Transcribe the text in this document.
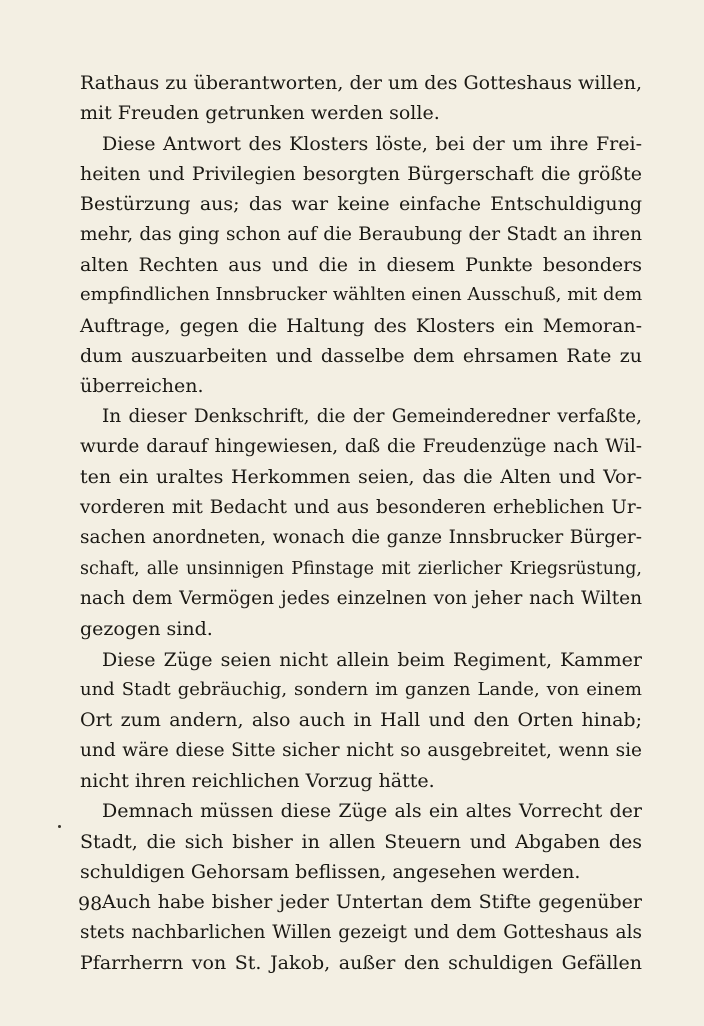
Rathaus zu überantworten, der um des Gotteshaus willen,
mit Freuden getrunken werden solle.
Diese Antwort des Klosters löste, bei der um ihre Frei-
heiten und Privilegien besorgten Bürgerschaft die größte
Bestürzung aus; das war keine einfache Entschuldigung
mehr, das ging schon auf die Beraubung der Stadt an ihren
alten Rechten aus und die in diesem Punkte besonders
empfindlichen Innsbrucker wählten einen Ausschuß, mit dem
Auftrage, gegen die Haltung des Klosters ein Memoran-
dum auszuarbeiten und dasselbe dem ehrsamen Rate zu
überreichen.
In dieser Denkschrift, die der Gemeinderedner verfaßte,
wurde darauf hingewiesen, daß die Freudenzüge nach Wil-
ten ein uraltes Herkommen seien, das die Alten und Vor-
vorderen mit Bedacht und aus besonderen erheblichen Ur-
sachen anordneten, wonach die ganze Innsbrucker Bürger-
schaft, alle unsinnigen Pfinstage mit zierlicher Kriegsrüstung,
nach dem Vermögen jedes einzelnen von jeher nach Wilten
gezogen sind.
Diese Züge seien nicht allein beim Regiment, Kammer
und Stadt gebräuchig, sondern im ganzen Lande, von einem
Ort zum andern, also auch in Hall und den Orten hinab;
und wäre diese Sitte sicher nicht so ausgebreitet, wenn sie
nicht ihren reichlichen Vorzug hätte.
Demnach müssen diese Züge als ein altes Vorrecht der
Stadt, die sich bisher in allen Steuern und Abgaben des
schuldigen Gehorsam beflissen, angesehen werden.
Auch habe bisher jeder Untertan dem Stifte gegenüber
stets nachbarlichen Willen gezeigt und dem Gotteshaus als
Pfarrherrn von St. Jakob, außer den schuldigen Gefällen
98
